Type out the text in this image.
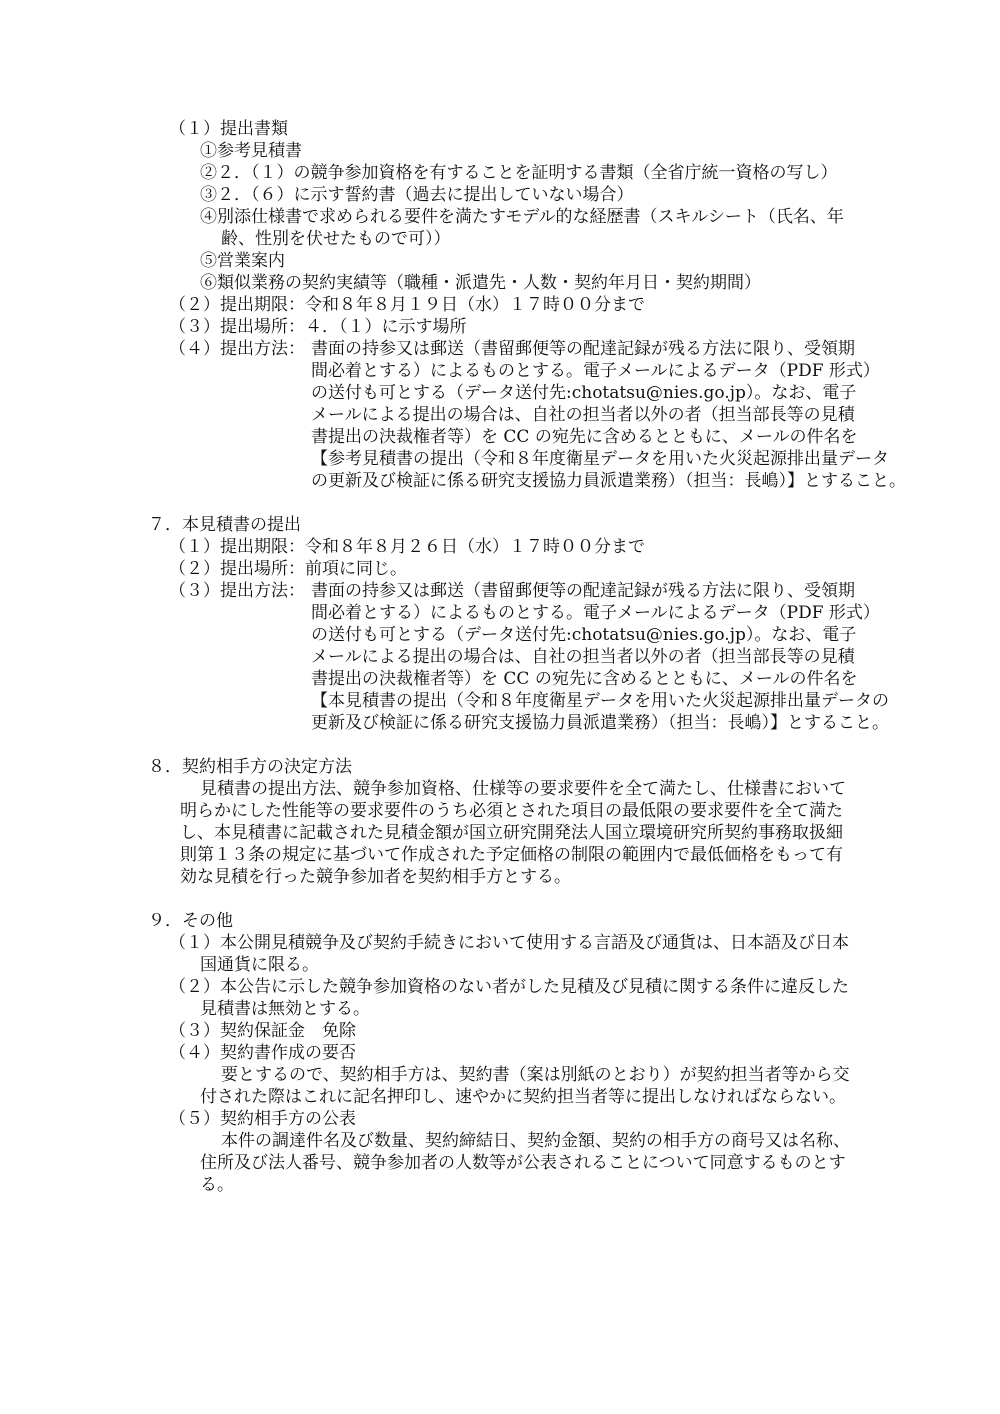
（１）提出書類
①参考見積書
②２．（１）の競争参加資格を有することを証明する書類（全省庁統一資格の写し）
③２．（６）に示す誓約書（過去に提出していない場合）
④別添仕様書で求められる要件を満たすモデル的な経歴書（スキルシート（氏名、年
齢、性別を伏せたもので可））
⑤営業案内
⑥類似業務の契約実績等（職種・派遣先・人数・契約年月日・契約期間）
（２）提出期限：令和８年８月１９日（水）１７時００分まで
（３）提出場所：４．（１）に示す場所
（４）提出方法： 書面の持参又は郵送（書留郵便等の配達記録が残る方法に限り、受領期
間必着とする）によるものとする。電子メールによるデータ（PDF 形式）
の送付も可とする（データ送付先:chotatsu@nies.go.jp）。なお、電子
メールによる提出の場合は、自社の担当者以外の者（担当部長等の見積
書提出の決裁権者等）を CC の宛先に含めるとともに、メールの件名を
【参考見積書の提出（令和８年度衛星データを用いた火災起源排出量データ
の更新及び検証に係る研究支援協力員派遣業務）（担当：長嶋）】とすること。
７．本見積書の提出
（１）提出期限：令和８年８月２６日（水）１７時００分まで
（２）提出場所：前項に同じ。
（３）提出方法： 書面の持参又は郵送（書留郵便等の配達記録が残る方法に限り、受領期
間必着とする）によるものとする。電子メールによるデータ（PDF 形式）
の送付も可とする（データ送付先:chotatsu@nies.go.jp）。なお、電子
メールによる提出の場合は、自社の担当者以外の者（担当部長等の見積
書提出の決裁権者等）を CC の宛先に含めるとともに、メールの件名を
【本見積書の提出（令和８年度衛星データを用いた火災起源排出量データの
更新及び検証に係る研究支援協力員派遣業務）（担当：長嶋）】とすること。
８．契約相手方の決定方法
見積書の提出方法、競争参加資格、仕様等の要求要件を全て満たし、仕様書において
明らかにした性能等の要求要件のうち必須とされた項目の最低限の要求要件を全て満た
し、本見積書に記載された見積金額が国立研究開発法人国立環境研究所契約事務取扱細
則第１３条の規定に基づいて作成された予定価格の制限の範囲内で最低価格をもって有
効な見積を行った競争参加者を契約相手方とする。
９．その他
（１）本公開見積競争及び契約手続きにおいて使用する言語及び通貨は、日本語及び日本
国通貨に限る。
（２）本公告に示した競争参加資格のない者がした見積及び見積に関する条件に違反した
見積書は無効とする。
（３）契約保証金　免除
（４）契約書作成の要否
要とするので、契約相手方は、契約書（案は別紙のとおり）が契約担当者等から交
付された際はこれに記名押印し、速やかに契約担当者等に提出しなければならない。
（５）契約相手方の公表
本件の調達件名及び数量、契約締結日、契約金額、契約の相手方の商号又は名称、
住所及び法人番号、競争参加者の人数等が公表されることについて同意するものとす
る。
